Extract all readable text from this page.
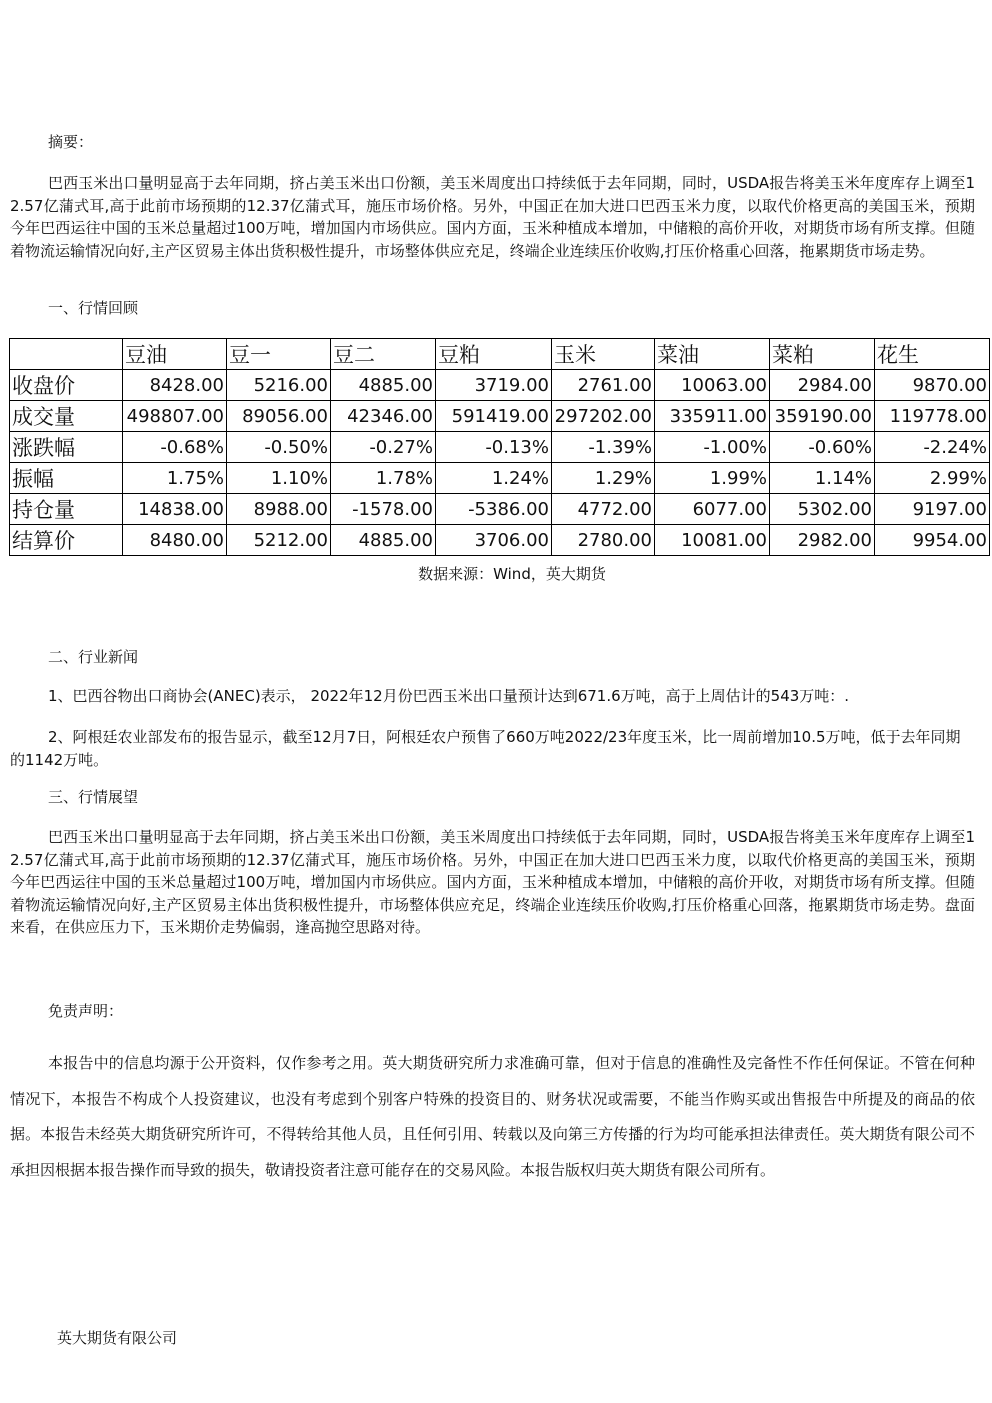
摘要：
巴西玉米出口量明显高于去年同期，挤占美玉米出口份额，美玉米周度出口持续低于去年同期，同时，USDA报告将美玉米年度库存上调至12.57亿蒲式耳,高于此前市场预期的12.37亿蒲式耳，施压市场价格。另外，中国正在加大进口巴西玉米力度，以取代价格更高的美国玉米，预期今年巴西运往中国的玉米总量超过100万吨，增加国内市场供应。国内方面，玉米种植成本增加，中储粮的高价开收，对期货市场有所支撑。但随着物流运输情况向好,主产区贸易主体出货积极性提升，市场整体供应充足，终端企业连续压价收购,打压价格重心回落，拖累期货市场走势。
一、行情回顾
	豆油	豆一	豆二	豆粕	玉米	菜油	菜粕	花生
收盘价	8428.00	5216.00	4885.00	3719.00	2761.00	10063.00	2984.00	9870.00
成交量	498807.00	89056.00	42346.00	591419.00	297202.00	335911.00	359190.00	119778.00
涨跌幅	-0.68%	-0.50%	-0.27%	-0.13%	-1.39%	-1.00%	-0.60%	-2.24%
振幅	1.75%	1.10%	1.78%	1.24%	1.29%	1.99%	1.14%	2.99%
持仓量	14838.00	8988.00	-1578.00	-5386.00	4772.00	6077.00	5302.00	9197.00
结算价	8480.00	5212.00	4885.00	3706.00	2780.00	10081.00	2982.00	9954.00
数据来源：Wind，英大期货
二、行业新闻
1、巴西谷物出口商协会(ANEC)表示， 2022年12月份巴西玉米出口量预计达到671.6万吨，高于上周估计的543万吨：.
2、阿根廷农业部发布的报告显示，截至12月7日，阿根廷农户预售了660万吨2022/23年度玉米，比一周前增加10.5万吨，低于去年同期的1142万吨。
三、行情展望
巴西玉米出口量明显高于去年同期，挤占美玉米出口份额，美玉米周度出口持续低于去年同期，同时，USDA报告将美玉米年度库存上调至12.57亿蒲式耳,高于此前市场预期的12.37亿蒲式耳，施压市场价格。另外，中国正在加大进口巴西玉米力度，以取代价格更高的美国玉米，预期今年巴西运往中国的玉米总量超过100万吨，增加国内市场供应。国内方面，玉米种植成本增加，中储粮的高价开收，对期货市场有所支撑。但随着物流运输情况向好,主产区贸易主体出货积极性提升，市场整体供应充足，终端企业连续压价收购,打压价格重心回落，拖累期货市场走势。盘面来看，在供应压力下，玉米期价走势偏弱，逢高抛空思路对待。
免责声明：
本报告中的信息均源于公开资料，仅作参考之用。英大期货研究所力求准确可靠，但对于信息的准确性及完备性不作任何保证。不管在何种情况下，本报告不构成个人投资建议，也没有考虑到个别客户特殊的投资目的、财务状况或需要，不能当作购买或出售报告中所提及的商品的依据。本报告未经英大期货研究所许可，不得转给其他人员，且任何引用、转载以及向第三方传播的行为均可能承担法律责任。英大期货有限公司不承担因根据本报告操作而导致的损失，敬请投资者注意可能存在的交易风险。本报告版权归英大期货有限公司所有。
英大期货有限公司
